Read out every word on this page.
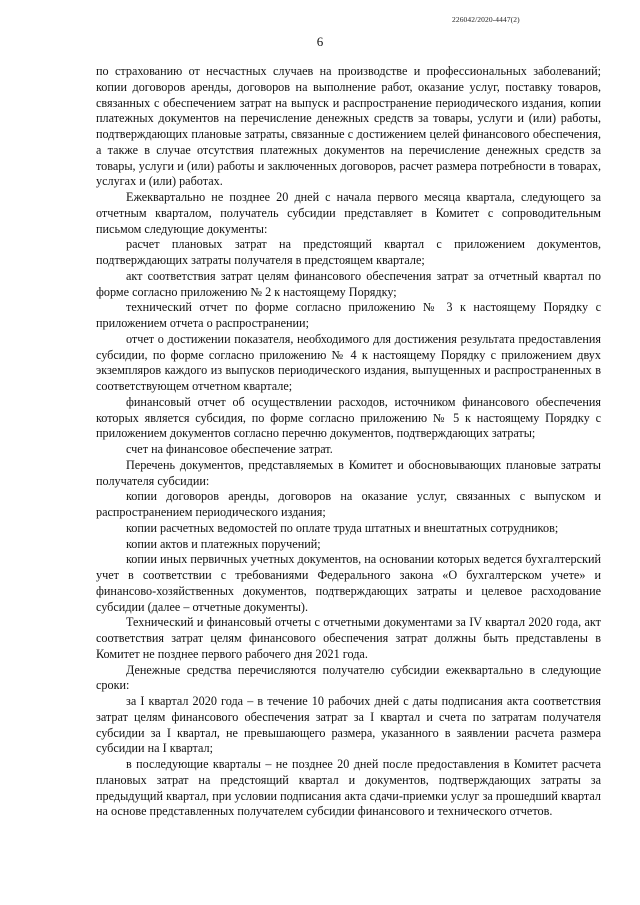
226042/2020-4447(2)
6

по страхованию от несчастных случаев на производстве и профессиональных заболеваний; копии договоров аренды, договоров на выполнение работ, оказание услуг, поставку товаров, связанных с обеспечением затрат на выпуск и распространение периодического издания, копии платежных документов на перечисление денежных средств за товары, услуги и (или) работы, подтверждающих плановые затраты, связанные с достижением целей финансового обеспечения, а также в случае отсутствия платежных документов на перечисление денежных средств за товары, услуги и (или) работы и заключенных договоров, расчет размера потребности в товарах, услугах и (или) работах.

Ежеквартально не позднее 20 дней с начала первого месяца квартала, следующего за отчетным кварталом, получатель субсидии представляет в Комитет с сопроводительным письмом следующие документы:

расчет плановых затрат на предстоящий квартал с приложением документов, подтверждающих затраты получателя в предстоящем квартале;

акт соответствия затрат целям финансового обеспечения затрат за отчетный квартал по форме согласно приложению № 2 к настоящему Порядку;

технический отчет по форме согласно приложению № 3 к настоящему Порядку с приложением отчета о распространении;

отчет о достижении показателя, необходимого для достижения результата предоставления субсидии, по форме согласно приложению № 4 к настоящему Порядку с приложением двух экземпляров каждого из выпусков периодического издания, выпущенных и распространенных в соответствующем отчетном квартале;

финансовый отчет об осуществлении расходов, источником финансового обеспечения которых является субсидия, по форме согласно приложению № 5 к настоящему Порядку с приложением документов согласно перечню документов, подтверждающих затраты;

счет на финансовое обеспечение затрат.

Перечень документов, представляемых в Комитет и обосновывающих плановые затраты получателя субсидии:

копии договоров аренды, договоров на оказание услуг, связанных с выпуском и распространением периодического издания;

копии расчетных ведомостей по оплате труда штатных и внештатных сотрудников;

копии актов и платежных поручений;

копии иных первичных учетных документов, на основании которых ведется бухгалтерский учет в соответствии с требованиями Федерального закона «О бухгалтерском учете» и финансово-хозяйственных документов, подтверждающих затраты и целевое расходование субсидии (далее – отчетные документы).

Технический и финансовый отчеты с отчетными документами за IV квартал 2020 года, акт соответствия затрат целям финансового обеспечения затрат должны быть представлены в Комитет не позднее первого рабочего дня 2021 года.

Денежные средства перечисляются получателю субсидии ежеквартально в следующие сроки:

за I квартал 2020 года – в течение 10 рабочих дней с даты подписания акта соответствия затрат целям финансового обеспечения затрат за I квартал и счета по затратам получателя субсидии за I квартал, не превышающего размера, указанного в заявлении расчета размера субсидии на I квартал;

в последующие кварталы – не позднее 20 дней после предоставления в Комитет расчета плановых затрат на предстоящий квартал и документов, подтверждающих затраты за предыдущий квартал, при условии подписания акта сдачи-приемки услуг за прошедший квартал на основе представленных получателем субсидии финансового и технического отчетов.
